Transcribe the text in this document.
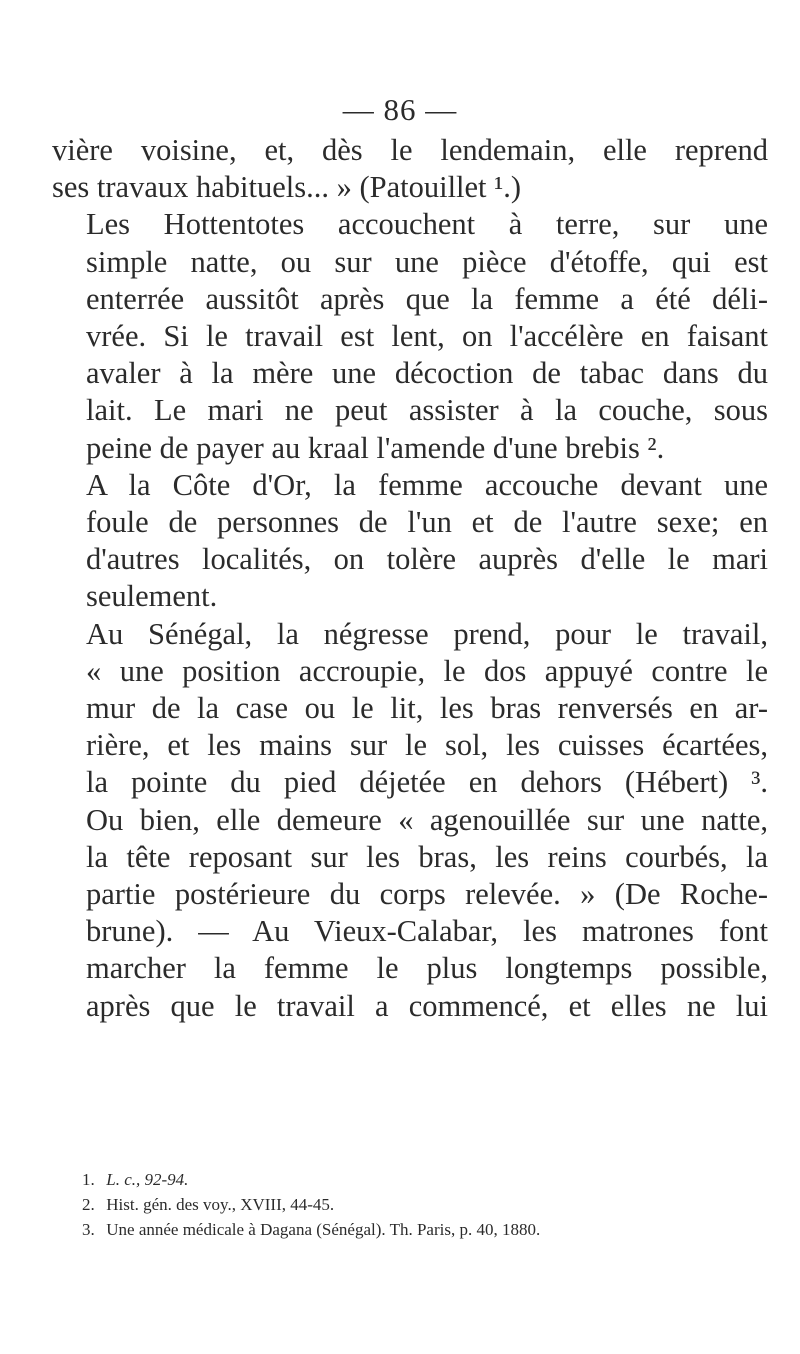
— 86 —

vière voisine, et, dès le lendemain, elle reprend
ses travaux habituels... » (Patouillet ¹.)

Les Hottentotes accouchent à terre, sur une
simple natte, ou sur une pièce d'étoffe, qui est
enterrée aussitôt après que la femme a été déli-
vrée. Si le travail est lent, on l'accélère en faisant
avaler à la mère une décoction de tabac dans du
lait. Le mari ne peut assister à la couche, sous
peine de payer au kraal l'amende d'une brebis ².

A la Côte d'Or, la femme accouche devant une
foule de personnes de l'un et de l'autre sexe; en
d'autres localités, on tolère auprès d'elle le mari
seulement.

Au Sénégal, la négresse prend, pour le travail,
« une position accroupie, le dos appuyé contre le
mur de la case ou le lit, les bras renversés en ar-
rière, et les mains sur le sol, les cuisses écartées,
la pointe du pied déjetée en dehors (Hébert) ³.
Ou bien, elle demeure « agenouillée sur une natte,
la tête reposant sur les bras, les reins courbés, la
partie postérieure du corps relevée. » (De Roche-
brune). — Au Vieux-Calabar, les matrones font
marcher la femme le plus longtemps possible,
après que le travail a commencé, et elles ne lui

1. L. c., 92-94.
2. Hist. gén. des voy., XVIII, 44-45.
3. Une année médicale à Dagana (Sénégal). Th. Paris, p. 40, 1880.
